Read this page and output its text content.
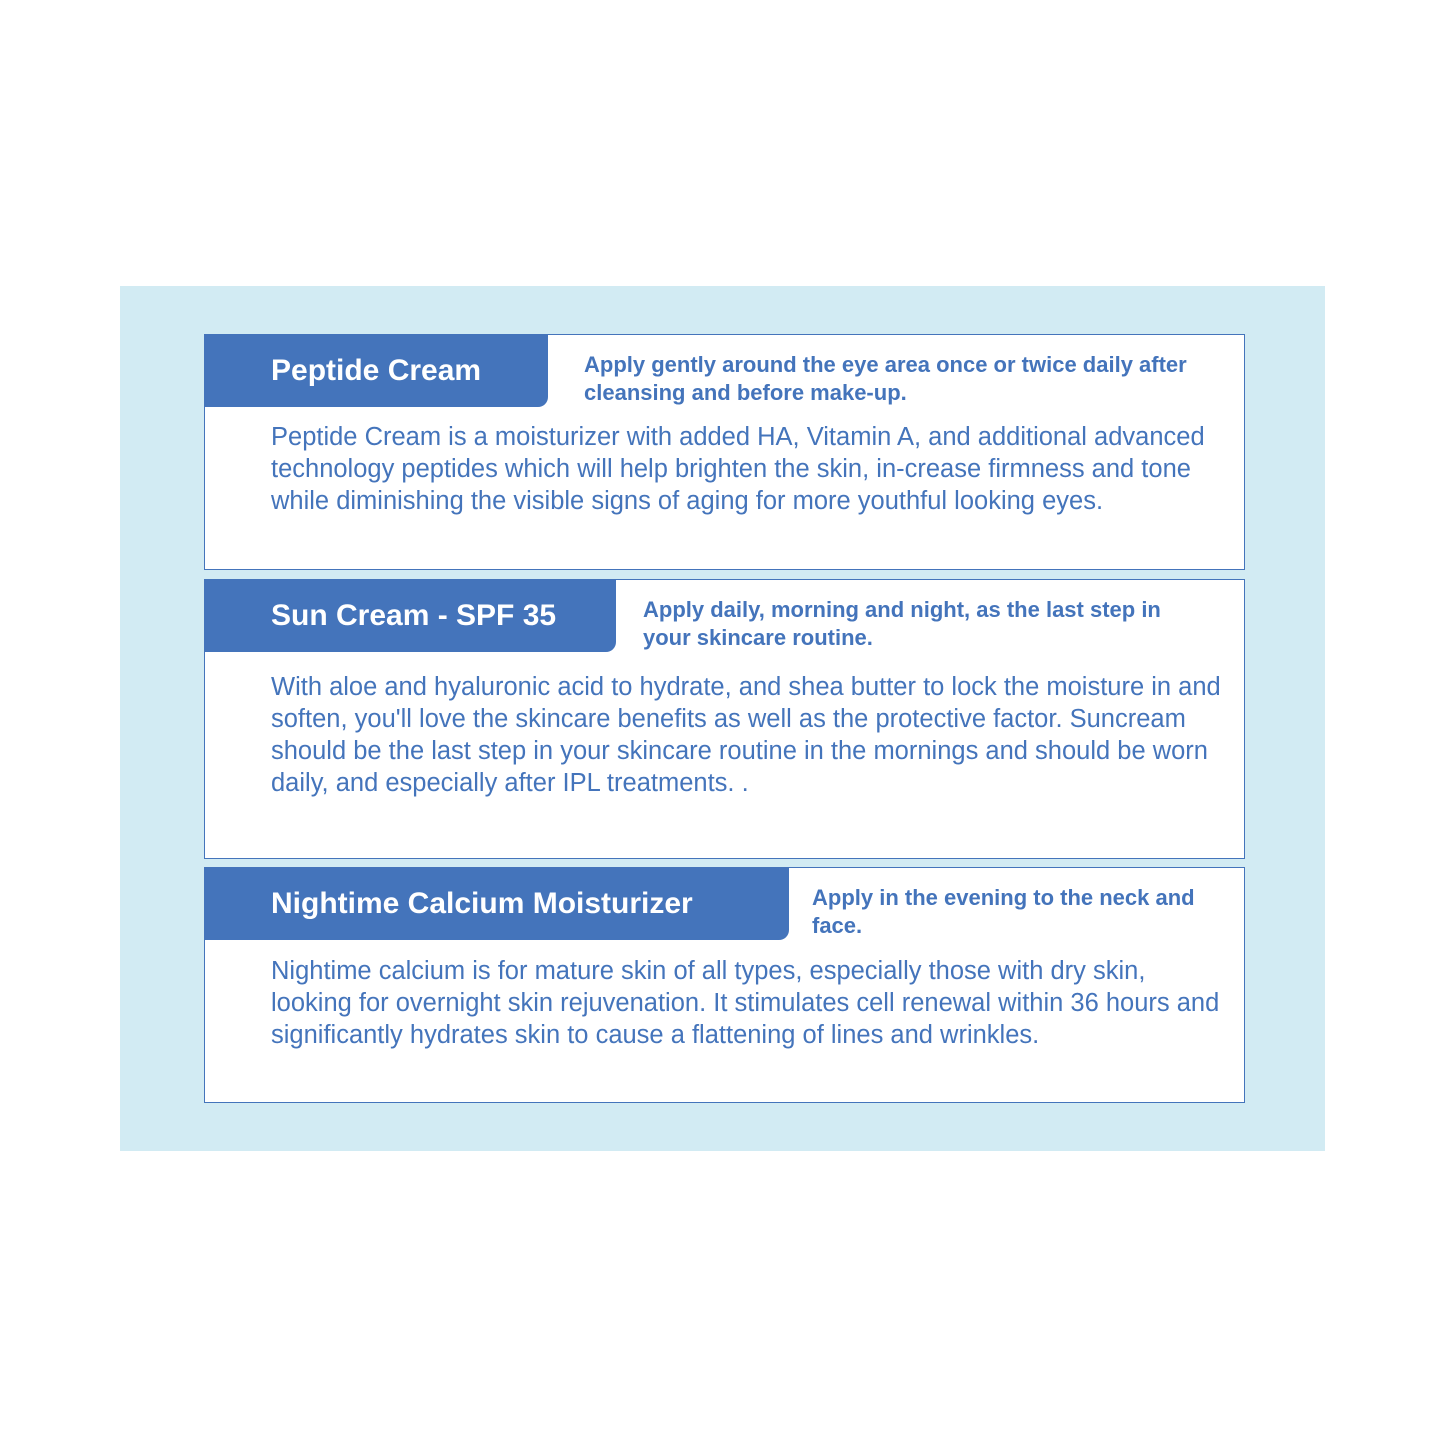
Peptide Cream	Apply gently around the eye area once or twice daily after cleansing and before make-up.
Peptide Cream is a moisturizer with added HA, Vitamin A, and additional advanced technology peptides which will help brighten the skin, in-crease firmness and tone while diminishing the visible signs of aging for more youthful looking eyes.
Sun Cream - SPF 35	Apply daily, morning and night, as the last step in your skincare routine.
With aloe and hyaluronic acid to hydrate, and shea butter to lock the moisture in and soften, you'll love the skincare benefits as well as the protective factor. Suncream should be the last step in your skincare routine in the mornings and should be worn daily, and especially after IPL treatments. .
Nightime Calcium Moisturizer	Apply in the evening to the neck and face.
Nightime calcium is for mature skin of all types, especially those with dry skin, looking for overnight skin rejuvenation. It stimulates cell renewal within 36 hours and significantly hydrates skin to cause a flattening of lines and wrinkles.
